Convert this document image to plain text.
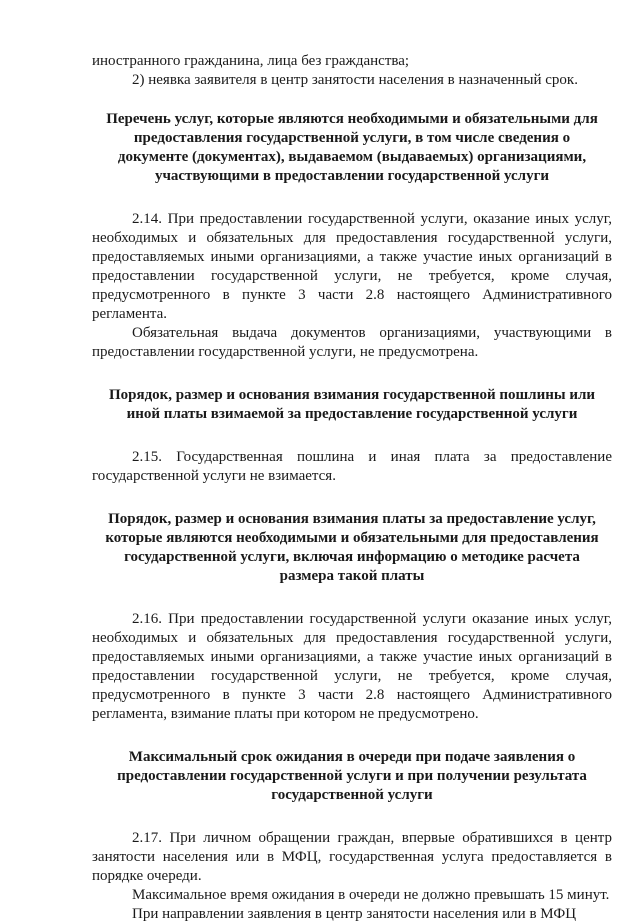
иностранного гражданина, лица без гражданства;

2) неявка заявителя в центр занятости населения в назначенный срок.

Перечень услуг, которые являются необходимыми и обязательными для предоставления государственной услуги, в том числе сведения о документе (документах), выдаваемом (выдаваемых) организациями, участвующими в предоставлении государственной услуги

2.14. При предоставлении государственной услуги, оказание иных услуг, необходимых и обязательных для предоставления государственной услуги, предоставляемых иными организациями, а также участие иных организаций в предоставлении государственной услуги, не требуется, кроме случая, предусмотренного в пункте 3 части 2.8 настоящего Административного регламента.

Обязательная выдача документов организациями, участвующими в предоставлении государственной услуги, не предусмотрена.

Порядок, размер и основания взимания государственной пошлины или иной платы взимаемой за предоставление государственной услуги

2.15. Государственная пошлина и иная плата за предоставление государственной услуги не взимается.

Порядок, размер и основания взимания платы за предоставление услуг, которые являются необходимыми и обязательными для предоставления государственной услуги, включая информацию о методике расчета размера такой платы

2.16. При предоставлении государственной услуги оказание иных услуг, необходимых и обязательных для предоставления государственной услуги, предоставляемых иными организациями, а также участие иных организаций в предоставлении государственной услуги, не требуется, кроме случая, предусмотренного в пункте 3 части 2.8 настоящего Административного регламента, взимание платы при котором не предусмотрено.

Максимальный срок ожидания в очереди при подаче заявления о предоставлении государственной услуги и при получении результата государственной услуги

2.17. При личном обращении граждан, впервые обратившихся в центр занятости населения или в МФЦ, государственная услуга предоставляется в порядке очереди.

Максимальное время ожидания в очереди не должно превышать 15 минут.

При направлении заявления в центр занятости населения или в МФЦ
